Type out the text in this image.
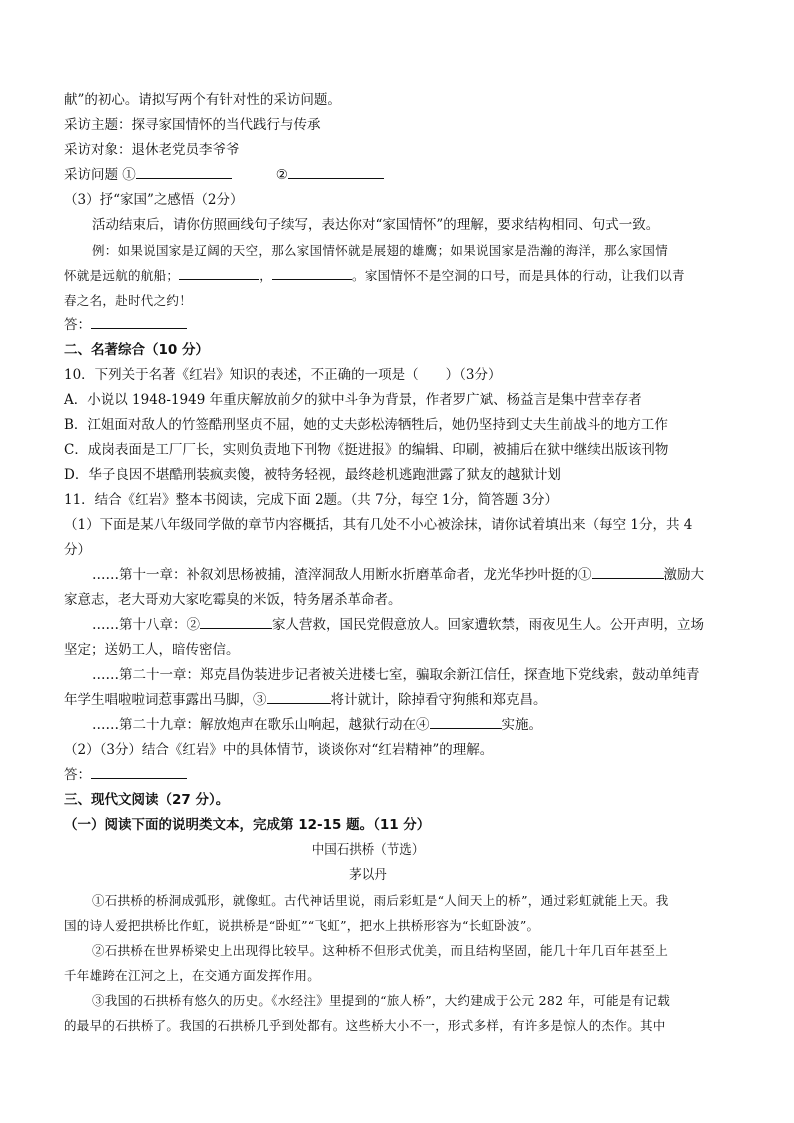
献”的初心。请拟写两个有针对性的采访问题。
采访主题：探寻家国情怀的当代践行与传承
采访对象：退休老党员李爷爷
采访问题 ①	②
（3）抒“家国”之感悟（2分）
活动结束后，请你仿照画线句子续写，表达你对“家国情怀”的理解，要求结构相同、句式一致。
例：如果说国家是辽阔的天空，那么家国情怀就是展翅的雄鹰；如果说国家是浩瀚的海洋，那么家国情
怀就是远航的航船；	，	。家国情怀不是空洞的口号，而是具体的行动，让我们以青
春之名，赴时代之约！
答：
二、名著综合（10 分）
10．下列关于名著《红岩》知识的表述，不正确的一项是（　　）（3分）
A．小说以 1948-1949 年重庆解放前夕的狱中斗争为背景，作者罗广斌、杨益言是集中营幸存者
B．江姐面对敌人的竹签酷刑坚贞不屈，她的丈夫彭松涛牺牲后，她仍坚持到丈夫生前战斗的地方工作
C．成岗表面是工厂厂长，实则负责地下刊物《挺进报》的编辑、印刷，被捕后在狱中继续出版该刊物
D．华子良因不堪酷刑装疯卖傻，被特务轻视，最终趁机逃跑泄露了狱友的越狱计划
11．结合《红岩》整本书阅读，完成下面 2题。（共 7分，每空 1分，简答题 3分）
（1）下面是某八年级同学做的章节内容概括，其有几处不小心被涂抹，请你试着填出来（每空 1分，共 4
分）
……第十一章：补叙刘思杨被捕，渣滓洞敌人用断水折磨革命者，龙光华抄叶挺的①	激励大
家意志，老大哥劝大家吃霉臭的米饭，特务屠杀革命者。
……第十八章：②	家人营救，国民党假意放人。回家遭软禁，雨夜见生人。公开声明，立场
坚定；送奶工人，暗传密信。
……第二十一章：郑克昌伪装进步记者被关进楼七室，骗取余新江信任，探查地下党线索，鼓动单纯青
年学生唱啦啦词惹事露出马脚，③	将计就计，除掉看守狗熊和郑克昌。
……第二十九章：解放炮声在歌乐山响起，越狱行动在④	实施。
（2）（3分）结合《红岩》中的具体情节，谈谈你对“红岩精神”的理解。
答：
三、现代文阅读（27 分）。
（一）阅读下面的说明类文本，完成第 12-15 题。（11 分）
中国石拱桥（节选）
茅以丹
①石拱桥的桥洞成弧形，就像虹。古代神话里说，雨后彩虹是“人间天上的桥”，通过彩虹就能上天。我
国的诗人爱把拱桥比作虹，说拱桥是“卧虹”“飞虹”，把水上拱桥形容为“长虹卧波”。
②石拱桥在世界桥梁史上出现得比较早。这种桥不但形式优美，而且结构坚固，能几十年几百年甚至上
千年雄跨在江河之上，在交通方面发挥作用。
③我国的石拱桥有悠久的历史。《水经注》里提到的“旅人桥”，大约建成于公元 282 年，可能是有记载
的最早的石拱桥了。我国的石拱桥几乎到处都有。这些桥大小不一，形式多样，有许多是惊人的杰作。其中
